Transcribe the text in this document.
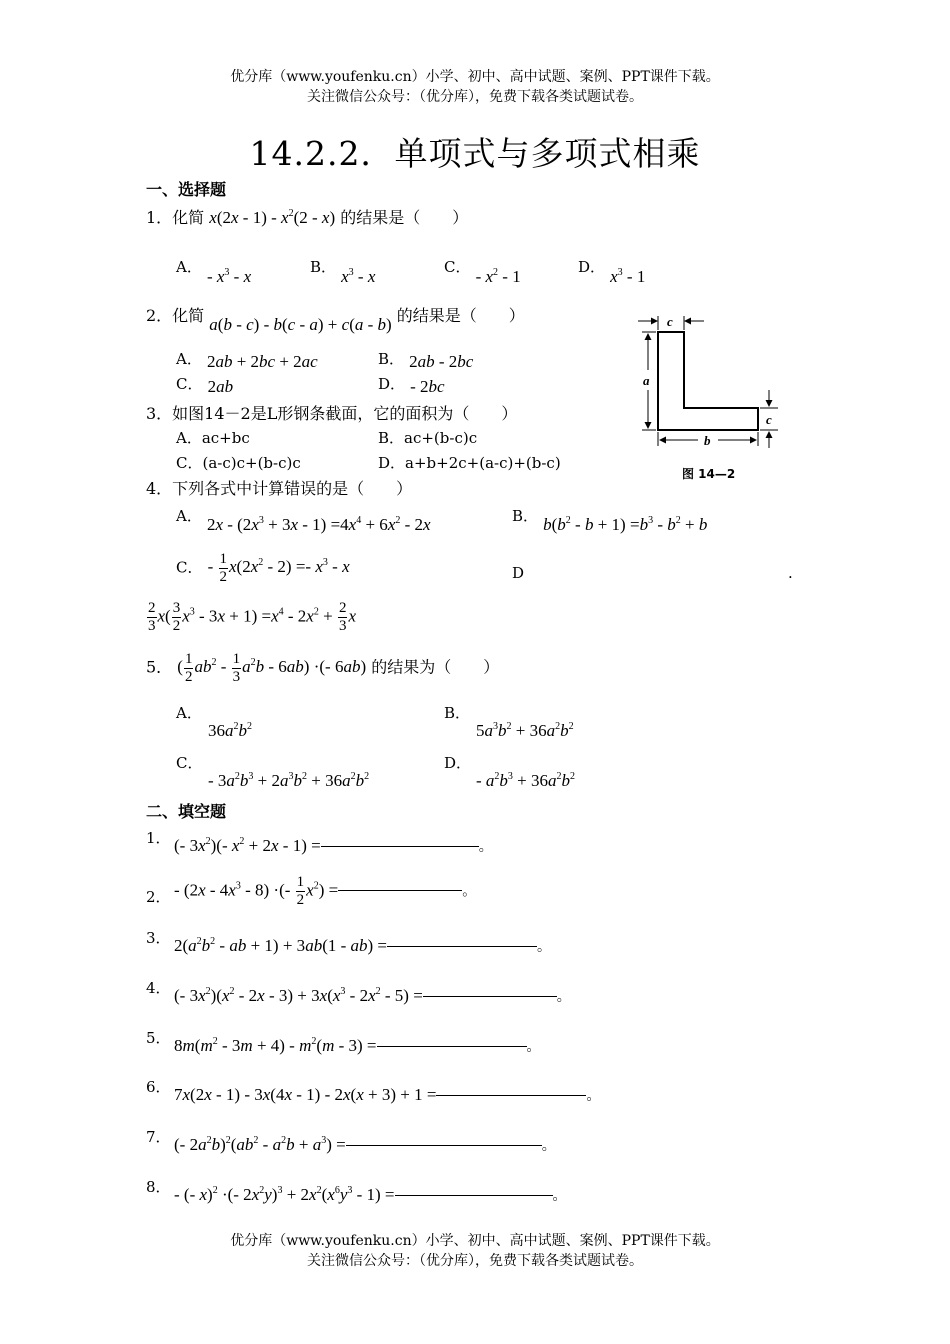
优分库（www.youfenku.cn）小学、初中、高中试题、案例、PPT课件下载。
关注微信公众号：（优分库），免费下载各类试题试卷。
14.2.2．单项式与多项式相乘
一、选择题
1．化简 $x(2x - 1) - x^2(2 - x)$ 的结果是（　　）
A． - $x^3$ - x	B． $x^3$ - x	C． - $x^2 - 1$	D． $x^3 - 1$
2．化简 a(b - c) - b(c - a) + c(a - b) 的结果是（　　）
A． 2ab + 2bc + 2ac	B． 2ab - 2bc
C． 2ab	D． - 2bc
3．如图14－2是L形钢条截面，它的面积为（　　）
A．ac+bc	B．ac+(b-c)c
C．(a-c)c+(b-c)c	D．a+b+2c+(a-c)+(b-c)
c
a
b
c
图 14—2
4．下列各式中计算错误的是（　　）
A． $2x - (2x^3 + 3x - 1) =4x^4 + 6x^2 - 2x$	B． $b(b^2 - b + 1) =b^3 - b^2 + b$
C． - $\frac{1}{2} x(2x^2 - 2) =- x^3 - x$	D	.
$\frac{2}{3} x( \frac{3}{2} x^3 - 3x + 1) =x^4 - 2x^2 + \frac{2}{3}$ x
5． ( $\frac{1}{2} ab^2 - \frac{1}{3} a^2b - 6ab$) ·(- 6ab) 的结果为（　　）
A．
$36a^2b^2$
B．
$5a^3b^2 + 36a^2b^2$
C．
- $3a^2b^3 + 2a^3b^2 + 36a^2b^2$
D．
- $a^2b^3 + 36a^2b^2$
二、填空题
1． (- $3x^2)(-$ $x^2 + 2x - 1$) =	。
2． - $(2x - 4x^3 - 8)$ ·(- $\frac{1}{2} x^2$) =	。
3． $2(a^2b^2$ - ab + 1) + 3ab(1 - ab) =	。
4． (- $3x^2)(x^2 - 2x - 3) + 3x(x^3 - 2x^2 - 5)$ =	。
5． $8m(m^2 - 3m + 4) - m^2(m - 3)$ =	。
6． 7x(2x - 1) - 3x(4x - 1) - 2x(x + 3) + 1 =	。
7． (- $2a^2b)^2(ab^2 - a^2b + a^3)$ =	。
8． - (- x)$^2$ ·(- $2x^2y)^3 + 2x^2(x^6y^3 - 1)$ =	。
优分库（www.youfenku.cn）小学、初中、高中试题、案例、PPT课件下载。
关注微信公众号：（优分库），免费下载各类试题试卷。
